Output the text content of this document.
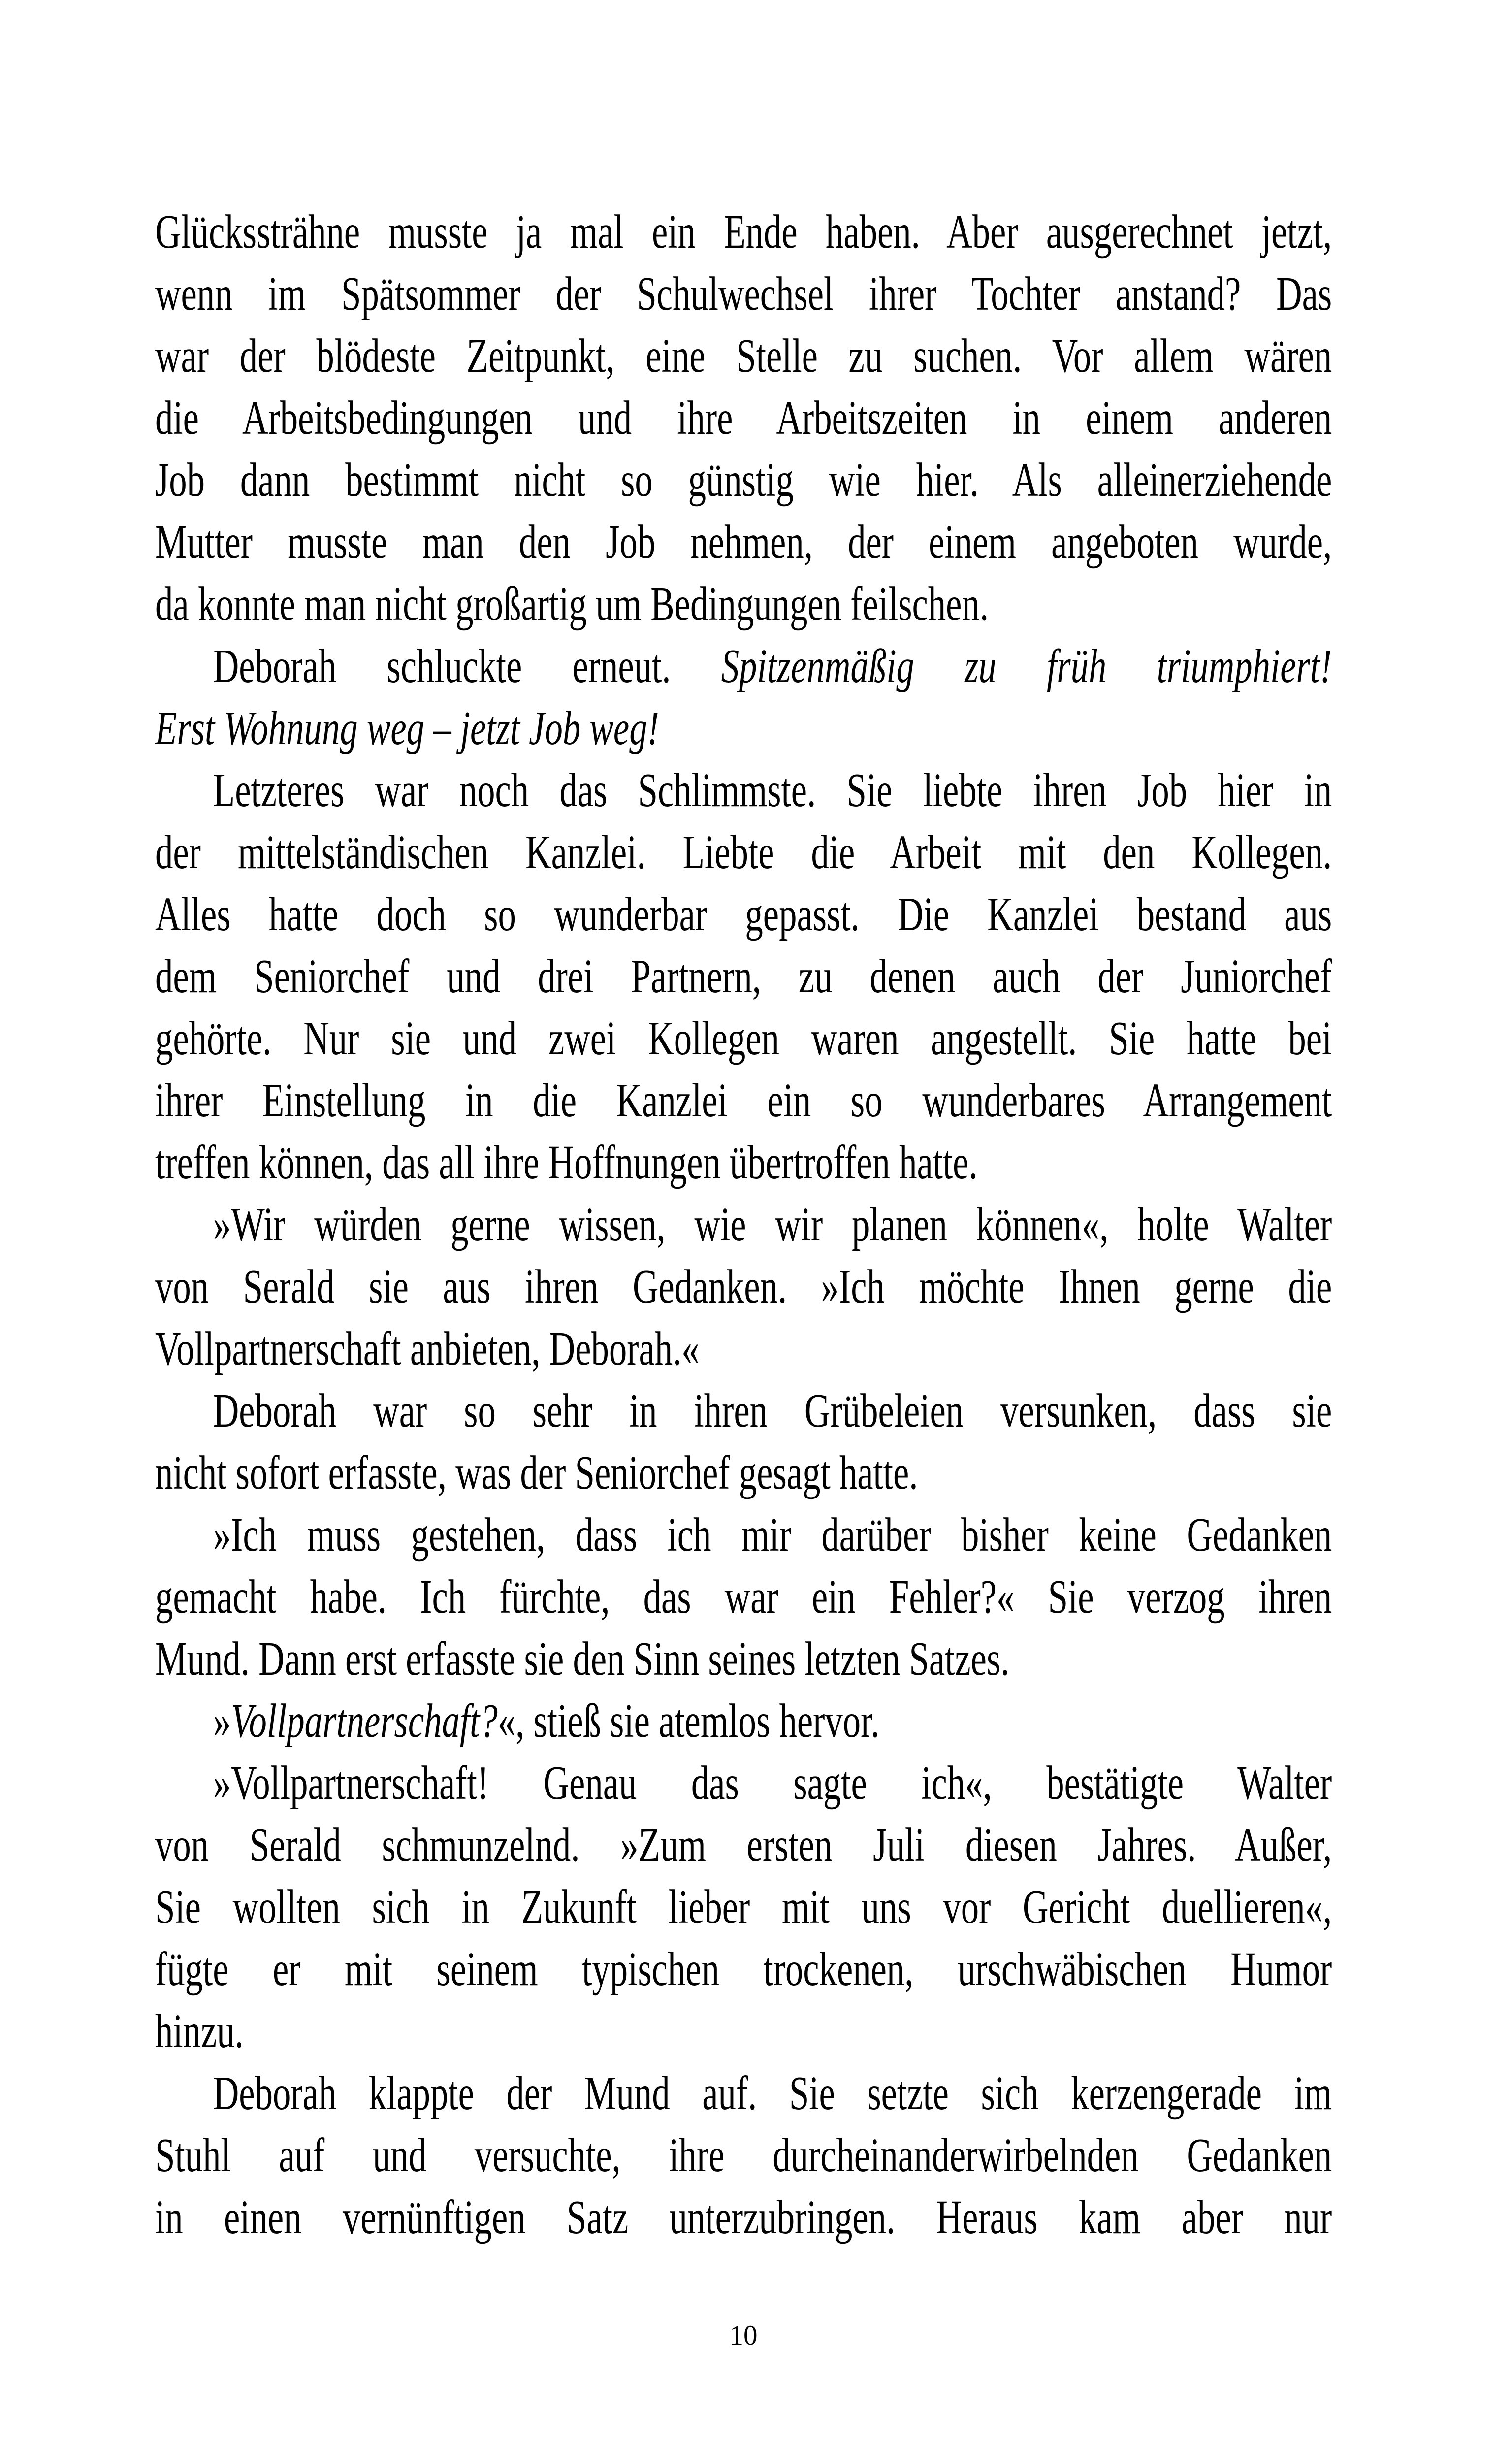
Glückssträhne musste ja mal ein Ende haben. Aber ausgerechnet jetzt,
wenn im Spätsommer der Schulwechsel ihrer Tochter anstand? Das
war der blödeste Zeitpunkt, eine Stelle zu suchen. Vor allem wären
die Arbeitsbedingungen und ihre Arbeitszeiten in einem anderen
Job dann bestimmt nicht so günstig wie hier. Als alleinerziehende
Mutter musste man den Job nehmen, der einem angeboten wurde,
da konnte man nicht großartig um Bedingungen feilschen.
Deborah schluckte erneut. Spitzenmäßig zu früh triumphiert!
Erst Wohnung weg – jetzt Job weg!
Letzteres war noch das Schlimmste. Sie liebte ihren Job hier in
der mittelständischen Kanzlei. Liebte die Arbeit mit den Kollegen.
Alles hatte doch so wunderbar gepasst. Die Kanzlei bestand aus
dem Seniorchef und drei Partnern, zu denen auch der Juniorchef
gehörte. Nur sie und zwei Kollegen waren angestellt. Sie hatte bei
ihrer Einstellung in die Kanzlei ein so wunderbares Arrangement
treffen können, das all ihre Hoffnungen übertroffen hatte.
»Wir würden gerne wissen, wie wir planen können«, holte Walter
von Serald sie aus ihren Gedanken. »Ich möchte Ihnen gerne die
Vollpartnerschaft anbieten, Deborah.«
Deborah war so sehr in ihren Grübeleien versunken, dass sie
nicht sofort erfasste, was der Seniorchef gesagt hatte.
»Ich muss gestehen, dass ich mir darüber bisher keine Gedanken
gemacht habe. Ich fürchte, das war ein Fehler?« Sie verzog ihren
Mund. Dann erst erfasste sie den Sinn seines letzten Satzes.
»Vollpartnerschaft?«, stieß sie atemlos hervor.
»Vollpartnerschaft! Genau das sagte ich«, bestätigte Walter
von Serald schmunzelnd. »Zum ersten Juli diesen Jahres. Außer,
Sie wollten sich in Zukunft lieber mit uns vor Gericht duellieren«,
fügte er mit seinem typischen trockenen, urschwäbischen Humor
hinzu.
Deborah klappte der Mund auf. Sie setzte sich kerzengerade im
Stuhl auf und versuchte, ihre durcheinanderwirbelnden Gedanken
in einen vernünftigen Satz unterzubringen. Heraus kam aber nur
10
